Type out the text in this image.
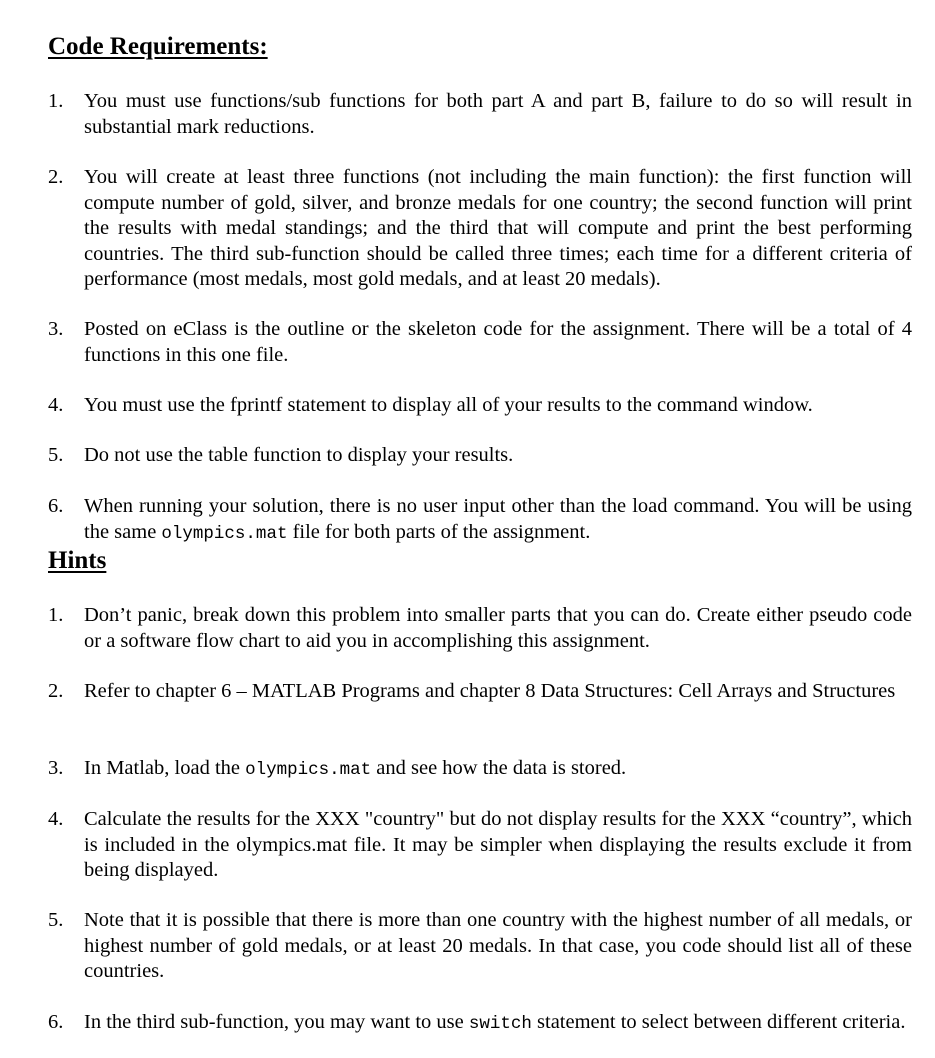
Code Requirements:
1. You must use functions/sub functions for both part A and part B, failure to do so will result in substantial mark reductions.
2. You will create at least three functions (not including the main function): the first function will compute number of gold, silver, and bronze medals for one country; the second function will print the results with medal standings; and the third that will compute and print the best performing countries. The third sub-function should be called three times; each time for a different criteria of performance (most medals, most gold medals, and at least 20 medals).
3. Posted on eClass is the outline or the skeleton code for the assignment. There will be a total of 4 functions in this one file.
4. You must use the fprintf statement to display all of your results to the command window.
5. Do not use the table function to display your results.
6. When running your solution, there is no user input other than the load command. You will be using the same olympics.mat file for both parts of the assignment.
Hints
1. Don’t panic, break down this problem into smaller parts that you can do. Create either pseudo code or a software flow chart to aid you in accomplishing this assignment.
2. Refer to chapter 6 – MATLAB Programs and chapter 8 Data Structures: Cell Arrays and Structures
3. In Matlab, load the olympics.mat and see how the data is stored.
4. Calculate the results for the XXX "country" but do not display results for the XXX “country”, which is included in the olympics.mat file. It may be simpler when displaying the results exclude it from being displayed.
5. Note that it is possible that there is more than one country with the highest number of all medals, or highest number of gold medals, or at least 20 medals. In that case, you code should list all of these countries.
6. In the third sub-function, you may want to use switch statement to select between different criteria.
